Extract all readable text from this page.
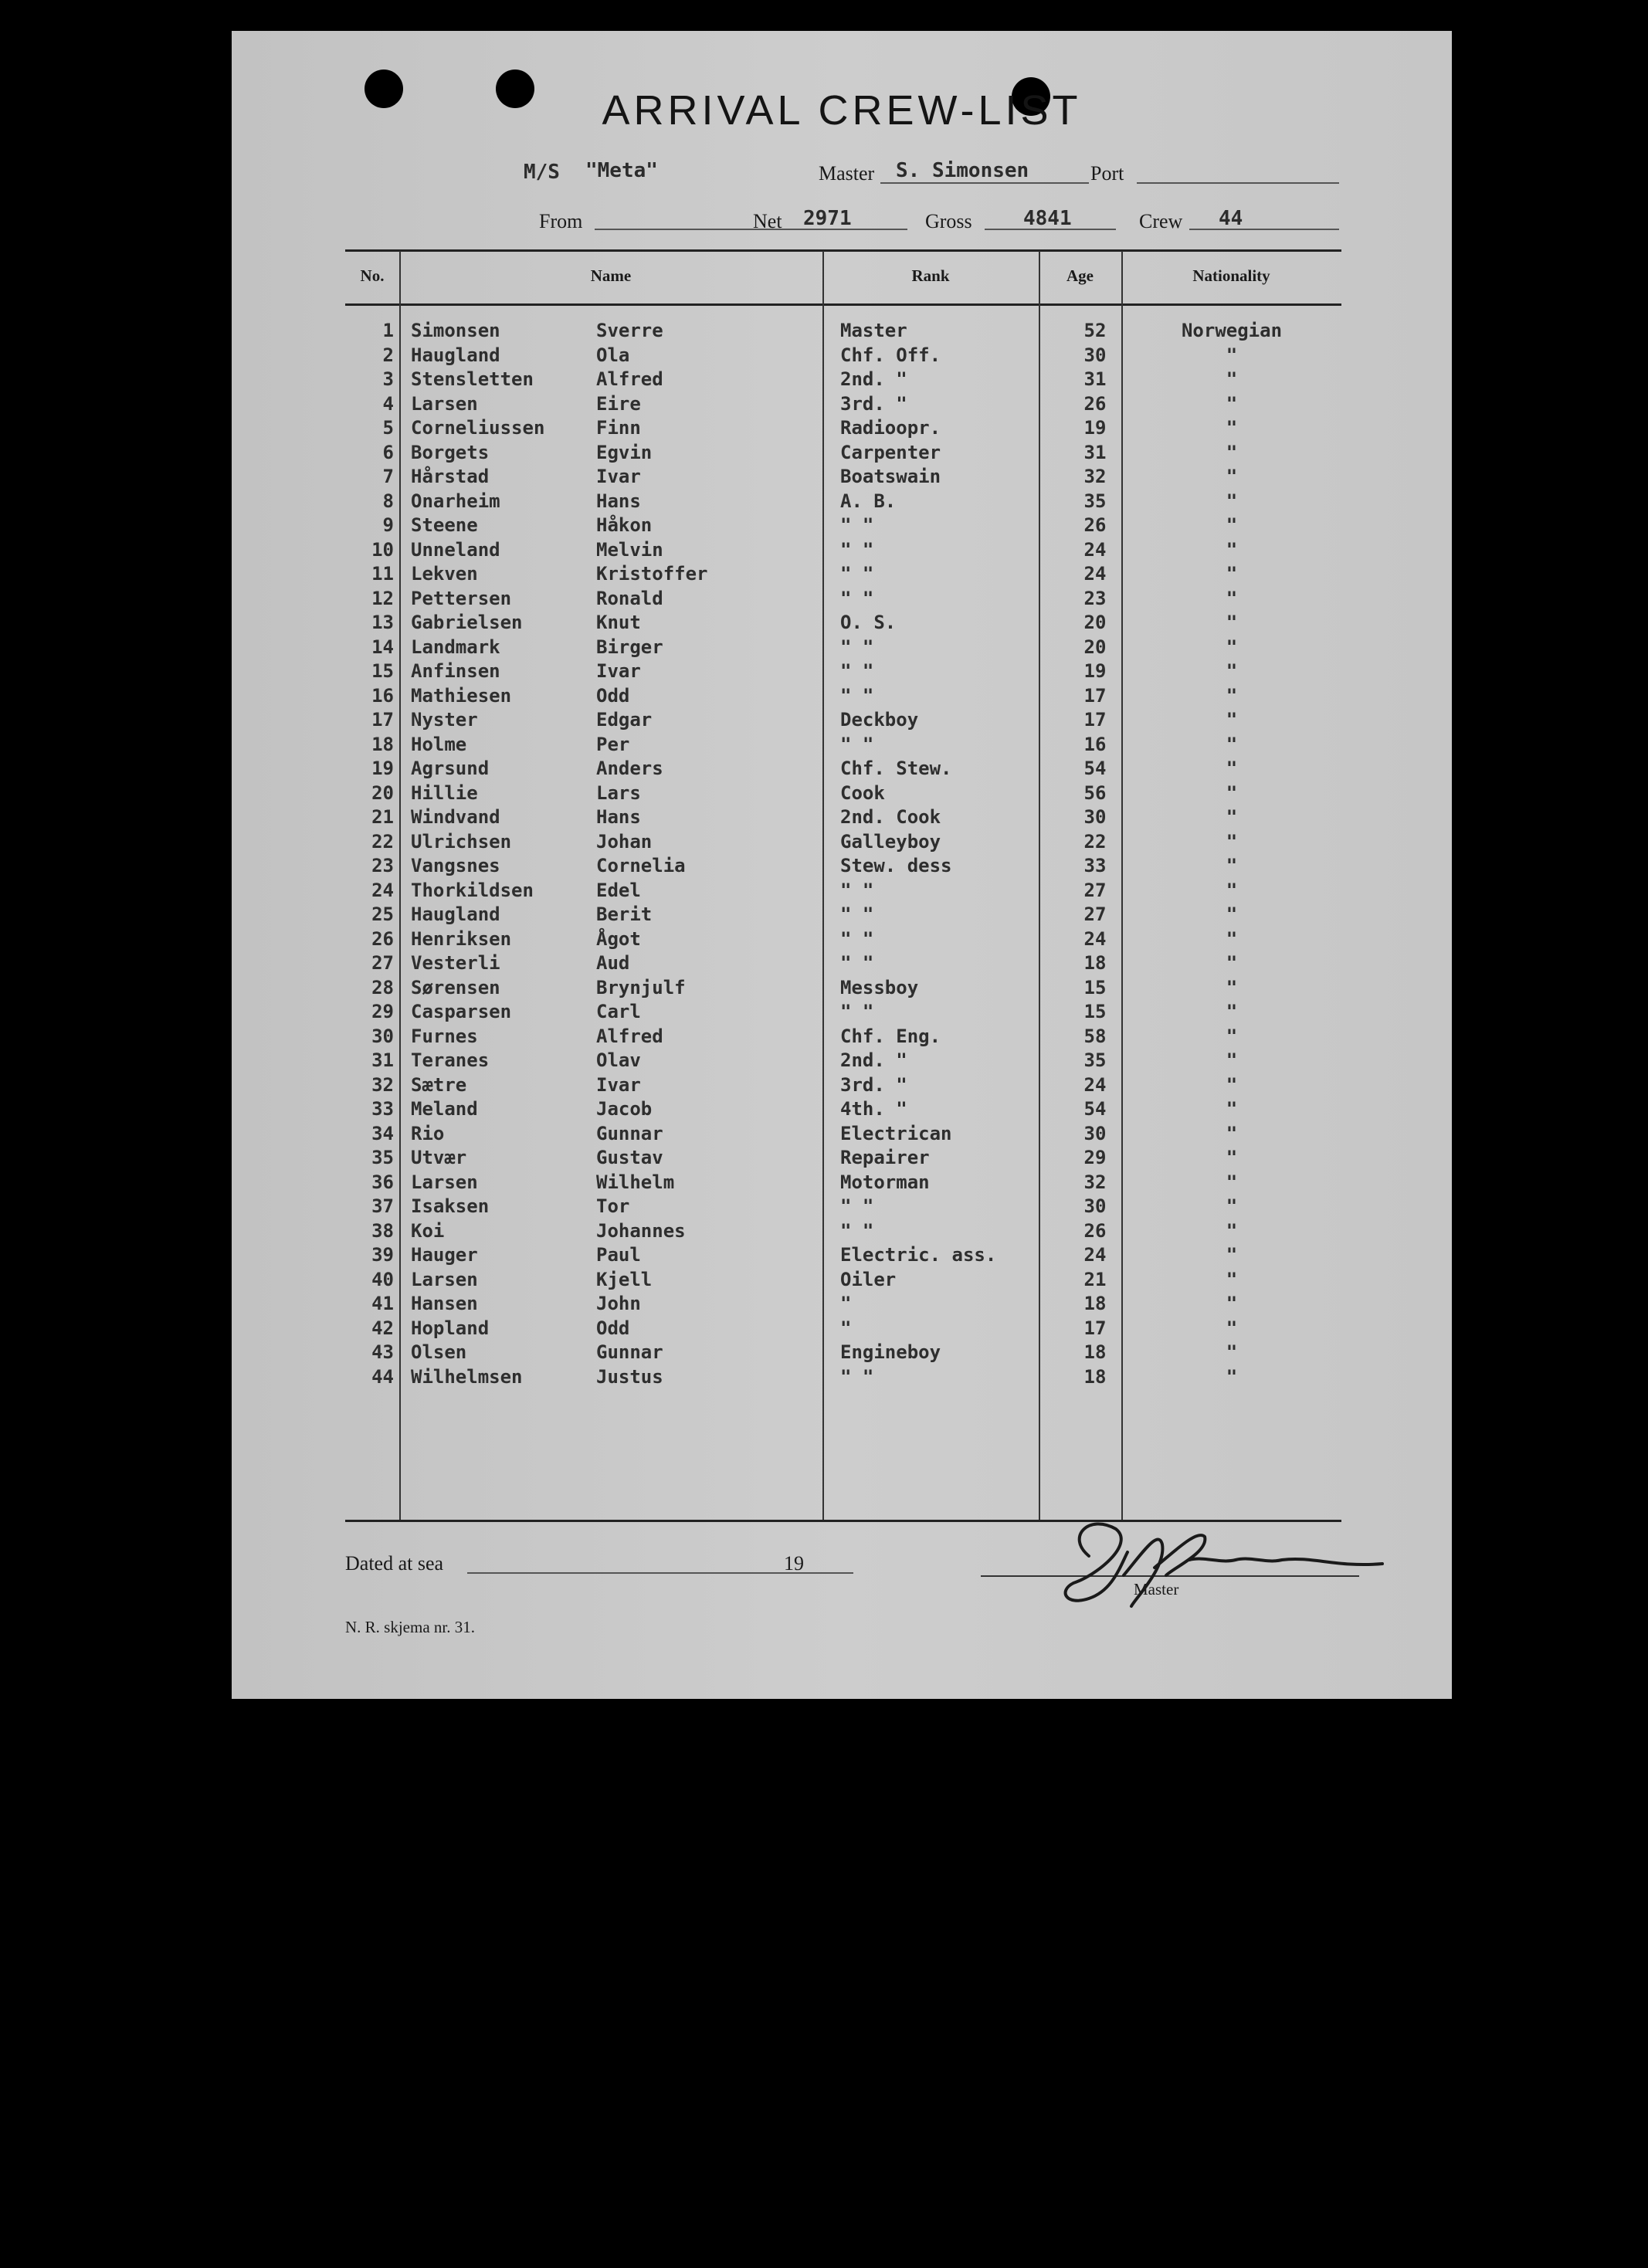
ARRIVAL CREW-LIST
M/S "Meta"	Master S. Simonsen	Port
From	Net 2971	Gross	4841	Crew 44
No.	Name	Rank	Age	Nationality
1 Simonsen	Sverre	Master	52	Norwegian
2 Haugland	Ola	Chf. Off.	30	"
3 Stensletten	Alfred	2nd. "	31	"
4 Larsen	Eire	3rd. "	26	"
5 Corneliussen	Finn	Radioopr.	19	"
6 Borgets	Egvin	Carpenter	31	"
7 Hårstad	Ivar	Boatswain	32	"
8 Onarheim	Hans	A. B.	35	"
9 Steene	Håkon	" "	26	"
10 Unneland	Melvin	" "	24	"
11 Lekven	Kristoffer	" "	24	"
12 Pettersen	Ronald	" "	23	"
13 Gabrielsen	Knut	O. S.	20	"
14 Landmark	Birger	" "	20	"
15 Anfinsen	Ivar	" "	19	"
16 Mathiesen	Odd	" "	17	"
17 Nyster	Edgar	Deckboy	17	"
18 Holme	Per	" "	16	"
19 Agrsund	Anders	Chf. Stew.	54	"
20 Hillie	Lars	Cook	56	"
21 Windvand	Hans	2nd. Cook	30	"
22 Ulrichsen	Johan	Galleyboy	22	"
23 Vangsnes	Cornelia	Stew. dess	33	"
24 Thorkildsen	Edel	" "	27	"
25 Haugland	Berit	" "	27	"
26 Henriksen	Ågot	" "	24	"
27 Vesterli	Aud	" "	18	"
28 Sørensen	Brynjulf	Messboy	15	"
29 Casparsen	Carl	" "	15	"
30 Furnes	Alfred	Chf. Eng.	58	"
31 Teranes	Olav	2nd. "	35	"
32 Sætre	Ivar	3rd. "	24	"
33 Meland	Jacob	4th. "	54	"
34 Rio	Gunnar	Electrican	30	"
35 Utvær	Gustav	Repairer	29	"
36 Larsen	Wilhelm	Motorman	32	"
37 Isaksen	Tor	" "	30	"
38 Koi	Johannes	" "	26	"
39 Hauger	Paul	Electric. ass.	24	"
40 Larsen	Kjell	Oiler	21	"
41 Hansen	John	"	18	"
42 Hopland	Odd	"	17	"
43 Olsen	Gunnar	Engineboy	18	"
44 Wilhelmsen	Justus	" "	18	"
Dated at sea	19
Master
N. R. skjema nr. 31.
